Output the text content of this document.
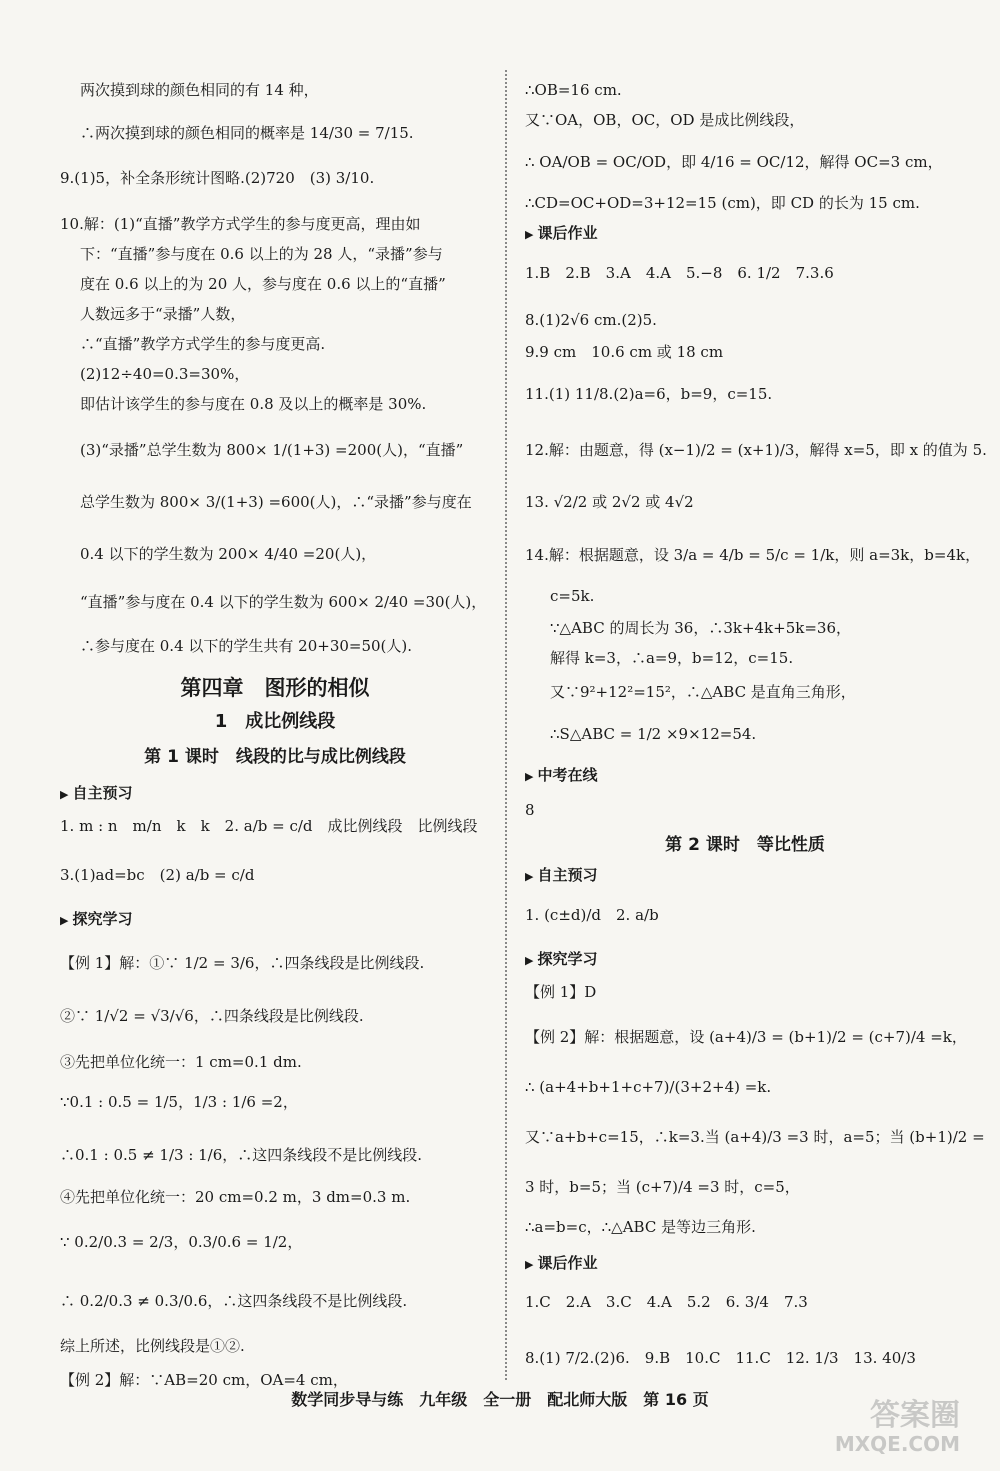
两次摸到球的颜色相同的有 14 种，
∴两次摸到球的颜色相同的概率是 14/30 = 7/15.
9.(1)5，补全条形统计图略.(2)720　(3) 3/10.
10.解：(1)“直播”教学方式学生的参与度更高，理由如
下：“直播”参与度在 0.6 以上的为 28 人，“录播”参与
度在 0.6 以上的为 20 人，参与度在 0.6 以上的“直播”
人数远多于“录播”人数，
∴“直播”教学方式学生的参与度更高.
(2)12÷40=0.3=30%，
即估计该学生的参与度在 0.8 及以上的概率是 30%.
(3)“录播”总学生数为 800× 1/(1+3) =200(人)，“直播”
总学生数为 800× 3/(1+3) =600(人)，∴“录播”参与度在
0.4 以下的学生数为 200× 4/40 =20(人)，
“直播”参与度在 0.4 以下的学生数为 600× 2/40 =30(人)，
∴参与度在 0.4 以下的学生共有 20+30=50(人).
第四章　图形的相似
1　成比例线段
第 1 课时　线段的比与成比例线段
▶ 自主预习
1. m : n　m/n　k　k　2. a/b = c/d　成比例线段　比例线段
3.(1)ad=bc　(2) a/b = c/d
▶ 探究学习
【例 1】解：①∵ 1/2 = 3/6，∴四条线段是比例线段.
②∵ 1/√2 = √3/√6，∴四条线段是比例线段.
③先把单位化统一：1 cm=0.1 dm.
∵0.1 : 0.5 = 1/5，1/3 : 1/6 =2，
∴0.1 : 0.5 ≠ 1/3 : 1/6，∴这四条线段不是比例线段.
④先把单位化统一：20 cm=0.2 m，3 dm=0.3 m.
∵ 0.2/0.3 = 2/3，0.3/0.6 = 1/2，
∴ 0.2/0.3 ≠ 0.3/0.6，∴这四条线段不是比例线段.
综上所述，比例线段是①②.
【例 2】解：∵AB=20 cm，OA=4 cm，
∴OB=16 cm.
又∵OA，OB，OC，OD 是成比例线段，
∴ OA/OB = OC/OD，即 4/16 = OC/12，解得 OC=3 cm，
∴CD=OC+OD=3+12=15 (cm)，即 CD 的长为 15 cm.
▶ 课后作业
1.B　2.B　3.A　4.A　5.−8　6. 1/2　7.3.6
8.(1)2√6 cm.(2)5.
9.9 cm　10.6 cm 或 18 cm
11.(1) 11/8.(2)a=6，b=9，c=15.
12.解：由题意，得 (x−1)/2 = (x+1)/3，解得 x=5，即 x 的值为 5.
13. √2/2 或 2√2 或 4√2
14.解：根据题意，设 3/a = 4/b = 5/c = 1/k，则 a=3k，b=4k，
c=5k.
∵△ABC 的周长为 36，∴3k+4k+5k=36，
解得 k=3，∴a=9，b=12，c=15.
又∵9²+12²=15²，∴△ABC 是直角三角形，
∴S△ABC = 1/2 ×9×12=54.
▶ 中考在线
8
第 2 课时　等比性质
▶ 自主预习
1. (c±d)/d　2. a/b
▶ 探究学习
【例 1】D
【例 2】解：根据题意，设 (a+4)/3 = (b+1)/2 = (c+7)/4 =k，
∴ (a+4+b+1+c+7)/(3+2+4) =k.
又∵a+b+c=15，∴k=3.当 (a+4)/3 =3 时，a=5；当 (b+1)/2 =
3 时，b=5；当 (c+7)/4 =3 时，c=5，
∴a=b=c，∴△ABC 是等边三角形.
▶ 课后作业
1.C　2.A　3.C　4.A　5.2　6. 3/4　7.3
8.(1) 7/2.(2)6.　9.B　10.C　11.C　12. 1/3　13. 40/3
数学同步导与练　九年级　全一册　配北师大版　第 16 页	答案圈
MXQE.COM
